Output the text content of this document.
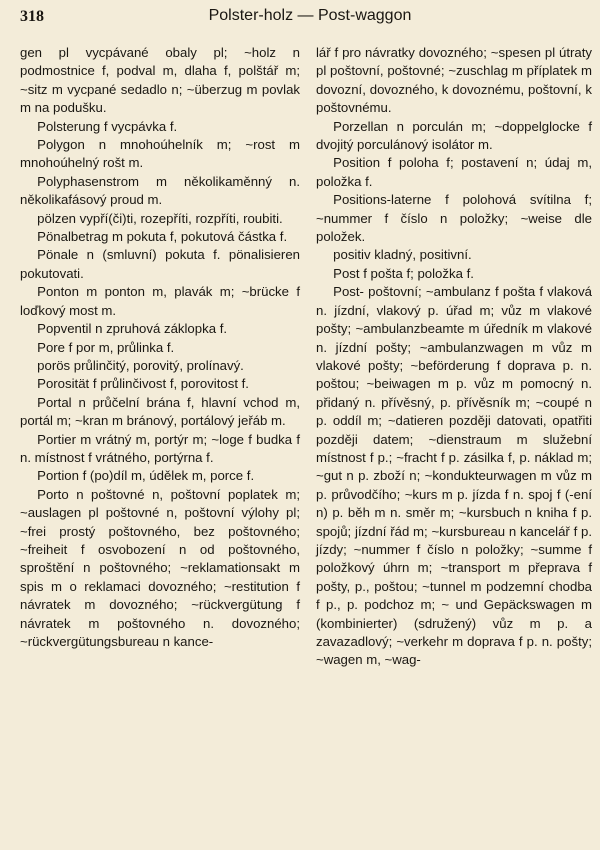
318	Polster-holz — Post-waggon

gen pl vycpávané obaly pl; ~holz n podmostnice f, podval m, dlaha f, polštář m; ~sitz m vycpané sedadlo n; ~überzug m povlak m na podušku.

Polsterung f vycpávka f.

Polygon n mnohoúhelník m; ~rost m mnohoúhelný rošt m.

Polyphasenstrom m několikaměnný n. několikafásový proud m.

pölzen vypří(či)ti, rozepříti, rozpříti, roubiti.

Pönalbetrag m pokuta f, pokutová částka f.

Pönale n (smluvní) pokuta f. pönalisieren pokutovati.

Ponton m ponton m, plavák m; ~brücke f loďkový most m.

Popventil n zpruhová záklopka f.

Pore f por m, průlinka f.

porös průlinčitý, porovitý, prolínavý.

Porosität f průlinčivost f, porovitost f.

Portal n průčelní brána f, hlavní vchod m, portál m; ~kran m bránový, portálový jeřáb m.

Portier m vrátný m, portýr m; ~loge f budka f n. místnost f vrátného, portýrna f.

Portion f (po)díl m, údělek m, porce f.

Porto n poštovné n, poštovní poplatek m; ~auslagen pl poštovné n, poštovní výlohy pl; ~frei prostý poštovného, bez poštovného; ~freiheit f osvobození n od poštovného, sproštění n poštovného; ~reklamationsakt m spis m o reklamaci dovozného; ~restitution f návratek m dovozného; ~rückvergütung f návratek m poštovného n. dovozného; ~rückvergütungsbureau n kance-

lář f pro návratky dovozného; ~spesen pl útraty pl poštovní, poštovné; ~zuschlag m příplatek m dovozní, dovozného, k dovoznému, poštovní, k poštovnému.

Porzellan n porculán m; ~doppelglocke f dvojitý porculánový isolátor m.

Position f poloha f; postavení n; údaj m, položka f.

Positions-laterne f polohová svítilna f; ~nummer f číslo n položky; ~weise dle položek.

positiv kladný, positivní.

Post f pošta f; položka f.

Post- poštovní; ~ambulanz f pošta f vlaková n. jízdní, vlakový p. úřad m; vůz m vlakové pošty; ~ambulanzbeamte m úředník m vlakové n. jízdní pošty; ~ambulanzwagen m vůz m vlakové pošty; ~beförderung f doprava p. n. poštou; ~beiwagen m p. vůz m pomocný n. přidaný n. přívěsný, p. přívěsník m; ~coupé n p. oddíl m; ~datieren později datovati, opatřiti později datem; ~dienstraum m služební místnost f p.; ~fracht f p. zásilka f, p. náklad m; ~gut n p. zboží n; ~kondukteurwagen m vůz m p. průvodčího; ~kurs m p. jízda f n. spoj f (-ení n) p. běh m n. směr m; ~kursbuch n kniha f p. spojů; jízdní řád m; ~kursbureau n kancelář f p. jízdy; ~nummer f číslo n položky; ~summe f položkový úhrn m; ~transport m přeprava f pošty, p., poštou; ~tunnel m podzemní chodba f p., p. podchoz m; ~ und Gepäckswagen m (kombinierter) (sdružený) vůz m p. a zavazadlový; ~verkehr m doprava f p. n. pošty; ~wagen m, ~wag-
